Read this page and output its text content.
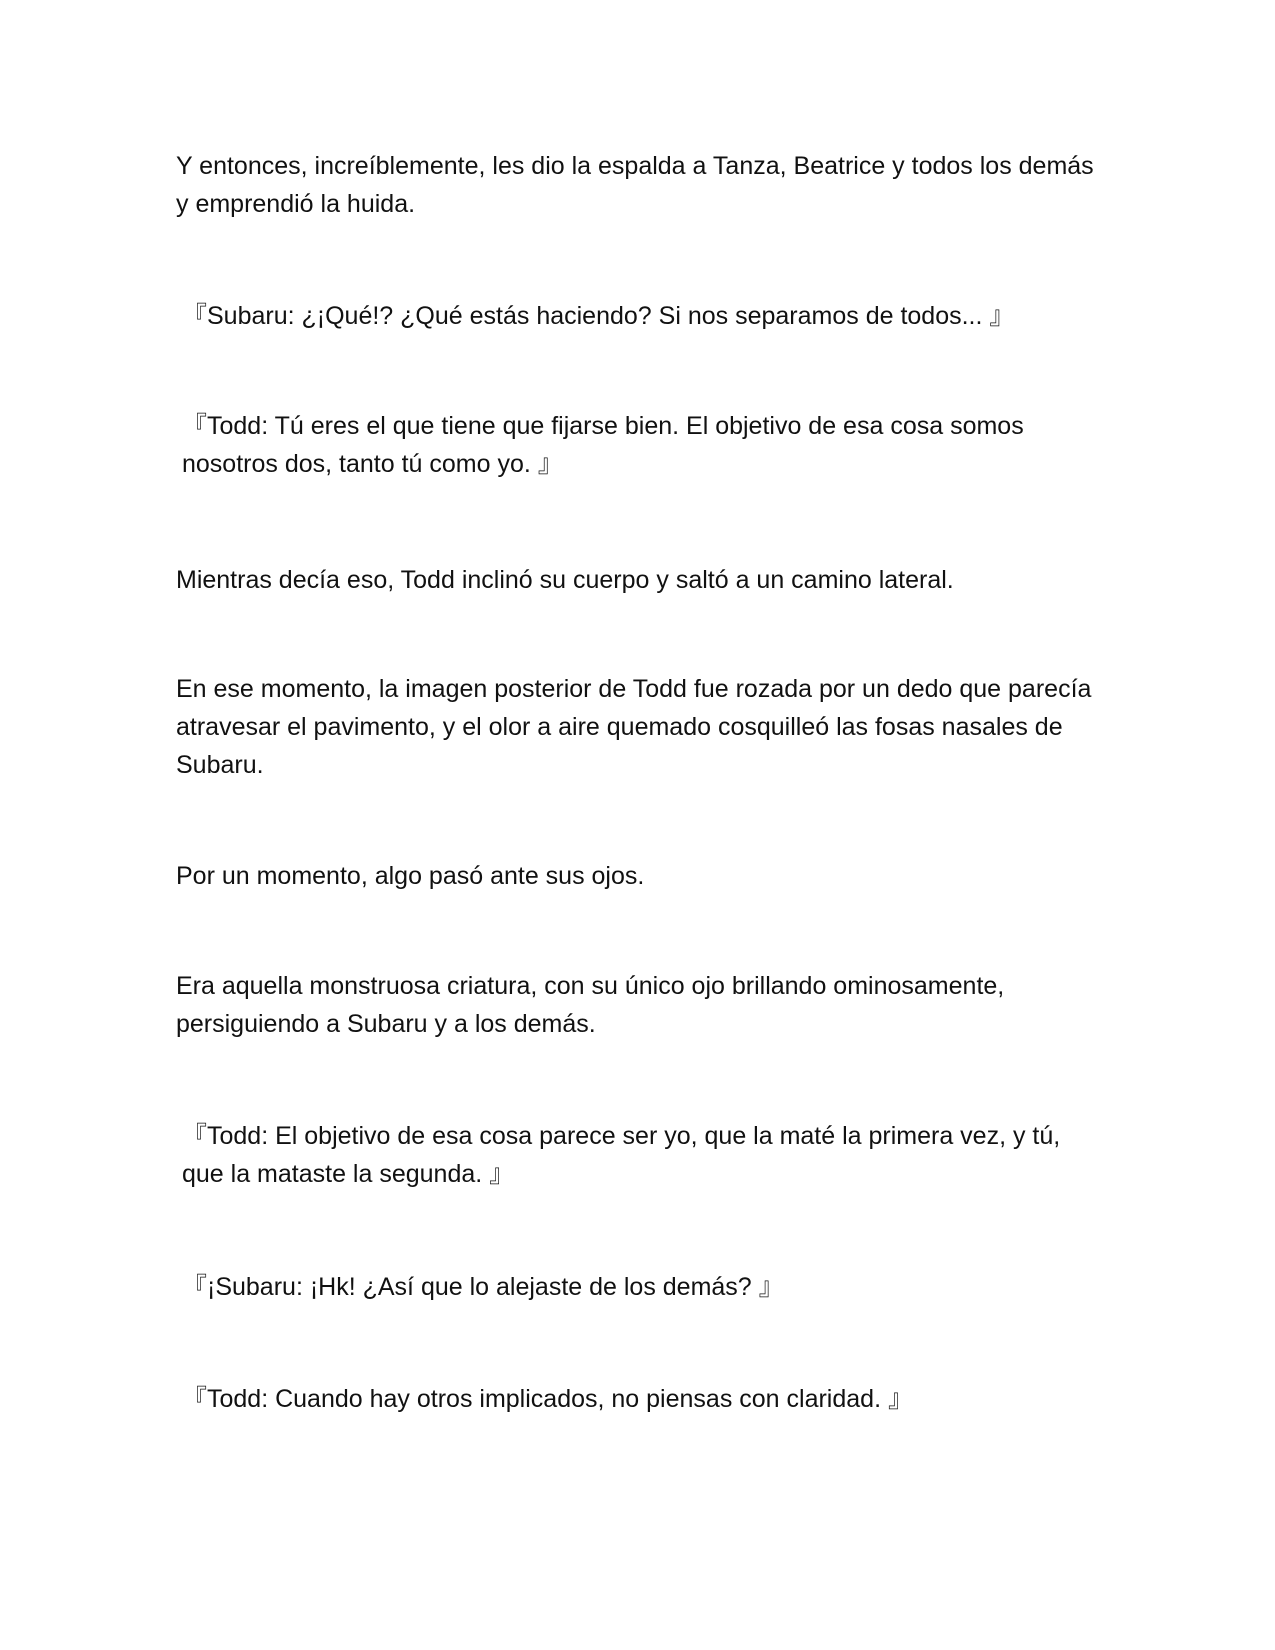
Y entonces, increíblemente, les dio la espalda a Tanza, Beatrice y todos los demás y emprendió la huida.

『Subaru: ¿¡Qué!? ¿Qué estás haciendo? Si nos separamos de todos... 』

『Todd: Tú eres el que tiene que fijarse bien. El objetivo de esa cosa somos nosotros dos, tanto tú como yo. 』

Mientras decía eso, Todd inclinó su cuerpo y saltó a un camino lateral.

En ese momento, la imagen posterior de Todd fue rozada por un dedo que parecía atravesar el pavimento, y el olor a aire quemado cosquilleó las fosas nasales de Subaru.

Por un momento, algo pasó ante sus ojos.

Era aquella monstruosa criatura, con su único ojo brillando ominosamente, persiguiendo a Subaru y a los demás.

『Todd: El objetivo de esa cosa parece ser yo, que la maté la primera vez, y tú, que la mataste la segunda. 』

『¡Subaru: ¡Hk! ¿Así que lo alejaste de los demás? 』

『Todd: Cuando hay otros implicados, no piensas con claridad. 』
